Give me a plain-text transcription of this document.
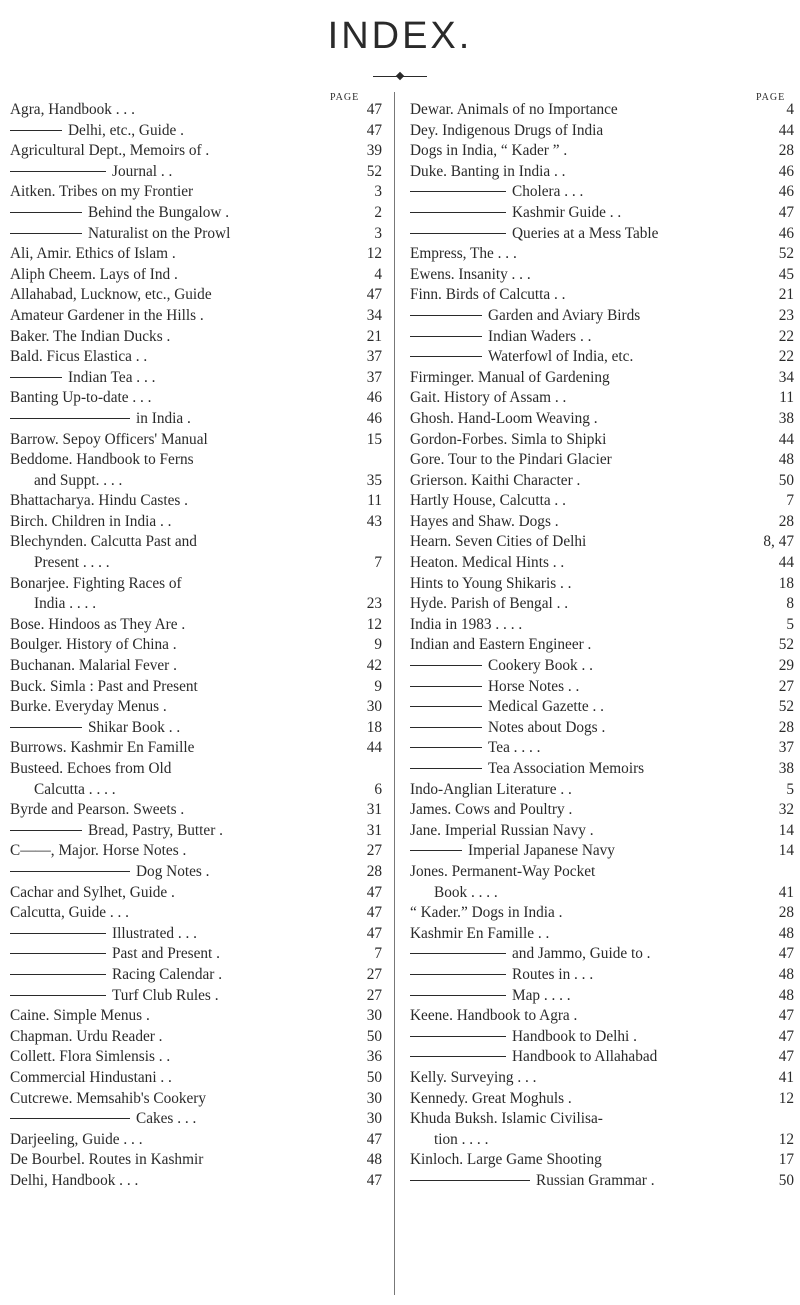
INDEX.
PAGE	PAGE
Agra, Handbook . . .	47
Delhi, etc., Guide .	47
Agricultural Dept., Memoirs of .	39
Journal . .	52
Aitken. Tribes on my Frontier	3
Behind the Bungalow .	2
Naturalist on the Prowl	3
Ali, Amir. Ethics of Islam .	12
Aliph Cheem. Lays of Ind .	4
Allahabad, Lucknow, etc., Guide	47
Amateur Gardener in the Hills .	34
Baker. The Indian Ducks .	21
Bald. Ficus Elastica . .	37
Indian Tea . . .	37
Banting Up-to-date . . .	46
in India .	46
Barrow. Sepoy Officers' Manual	15
Beddome. Handbook to Ferns
and Suppt. . . .	35
Bhattacharya. Hindu Castes .	11
Birch. Children in India . .	43
Blechynden. Calcutta Past and
Present . . . .	7
Bonarjee. Fighting Races of
India . . . .	23
Bose. Hindoos as They Are .	12
Boulger. History of China .	9
Buchanan. Malarial Fever .	42
Buck. Simla : Past and Present	9
Burke. Everyday Menus .	30
Shikar Book . .	18
Burrows. Kashmir En Famille	44
Busteed. Echoes from Old
Calcutta . . . .	6
Byrde and Pearson. Sweets .	31
Bread, Pastry, Butter .	31
C——, Major. Horse Notes .	27
Dog Notes .	28
Cachar and Sylhet, Guide .	47
Calcutta, Guide . . .	47
Illustrated . . .	47
Past and Present .	7
Racing Calendar .	27
Turf Club Rules .	27
Caine. Simple Menus .	30
Chapman. Urdu Reader .	50
Collett. Flora Simlensis . .	36
Commercial Hindustani . .	50
Cutcrewe. Memsahib's Cookery	30
Cakes . . .	30
Darjeeling, Guide . . .	47
De Bourbel. Routes in Kashmir	48
Delhi, Handbook . . .	47
Dewar. Animals of no Importance	4
Dey. Indigenous Drugs of India	44
Dogs in India, “ Kader ” .	28
Duke. Banting in India . .	46
Cholera . . .	46
Kashmir Guide . .	47
Queries at a Mess Table	46
Empress, The . . .	52
Ewens. Insanity . . .	45
Finn. Birds of Calcutta . .	21
Garden and Aviary Birds	23
Indian Waders . .	22
Waterfowl of India, etc.	22
Firminger. Manual of Gardening	34
Gait. History of Assam . .	11
Ghosh. Hand-Loom Weaving .	38
Gordon-Forbes. Simla to Shipki	44
Gore. Tour to the Pindari Glacier	48
Grierson. Kaithi Character .	50
Hartly House, Calcutta . .	7
Hayes and Shaw. Dogs .	28
Hearn. Seven Cities of Delhi	8, 47
Heaton. Medical Hints . .	44
Hints to Young Shikaris . .	18
Hyde. Parish of Bengal . .	8
India in 1983 . . . .	5
Indian and Eastern Engineer .	52
Cookery Book . .	29
Horse Notes . .	27
Medical Gazette . .	52
Notes about Dogs .	28
Tea . . . .	37
Tea Association Memoirs	38
Indo-Anglian Literature . .	5
James. Cows and Poultry .	32
Jane. Imperial Russian Navy .	14
Imperial Japanese Navy	14
Jones. Permanent-Way Pocket
Book . . . .	41
“ Kader.” Dogs in India .	28
Kashmir En Famille . .	48
and Jammo, Guide to .	47
Routes in . . .	48
Map . . . .	48
Keene. Handbook to Agra .	47
Handbook to Delhi .	47
Handbook to Allahabad	47
Kelly. Surveying . . .	41
Kennedy. Great Moghuls .	12
Khuda Buksh. Islamic Civilisa-
tion . . . .	12
Kinloch. Large Game Shooting	17
Russian Grammar .	50
